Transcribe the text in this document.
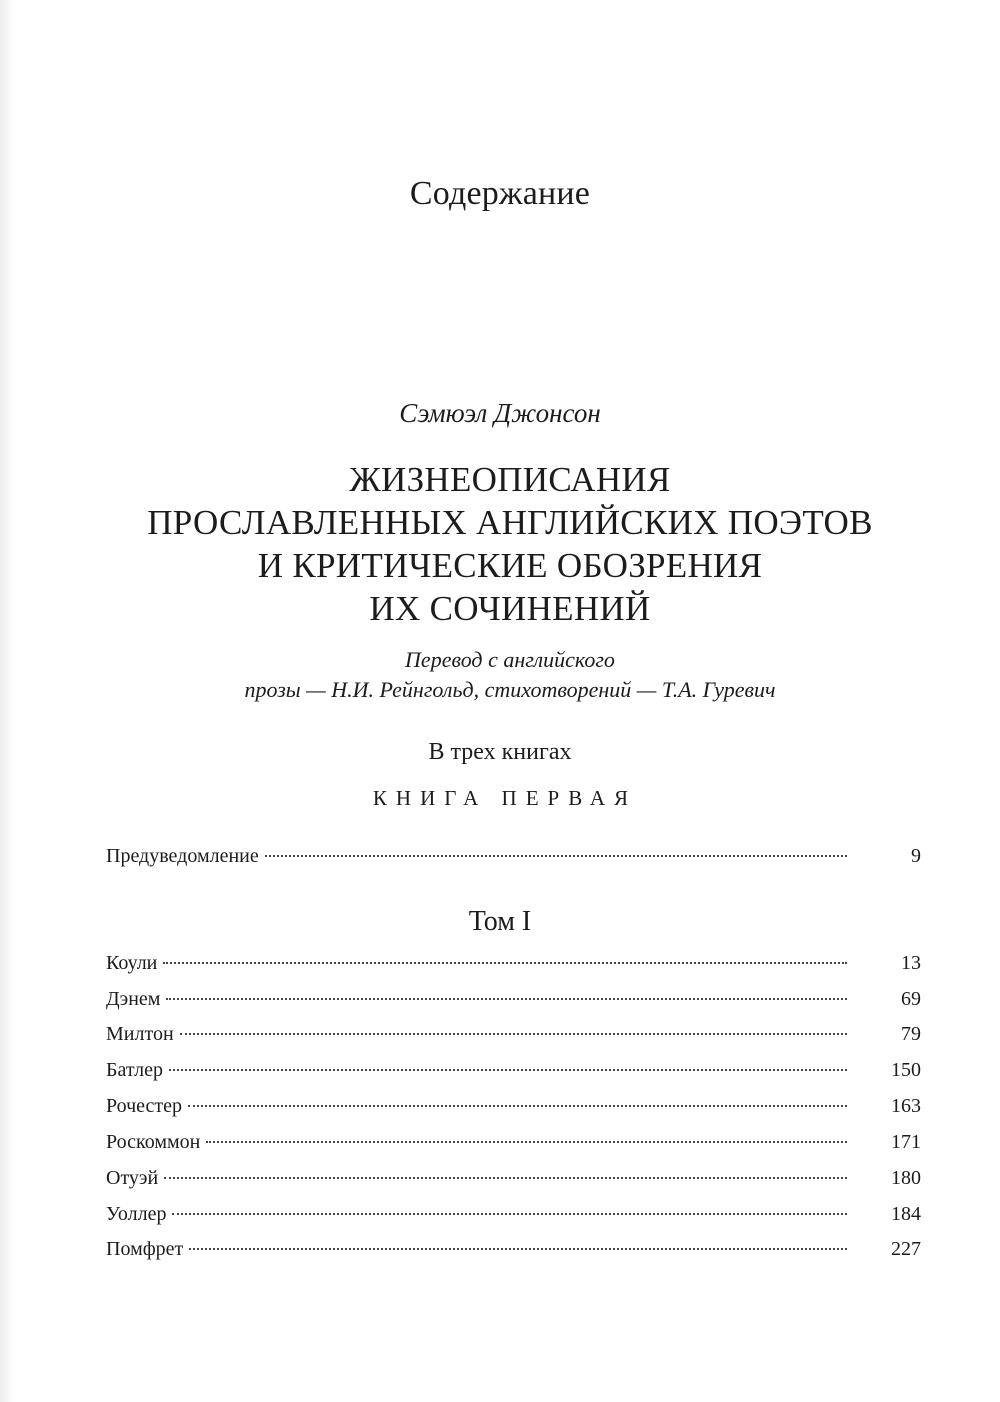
Содержание
Сэмюэл Джонсон
ЖИЗНЕОПИСАНИЯ
ПРОСЛАВЛЕННЫХ АНГЛИЙСКИХ ПОЭТОВ
И КРИТИЧЕСКИЕ ОБОЗРЕНИЯ
ИХ СОЧИНЕНИЙ
Перевод с английского
прозы — Н.И. Рейнгольд, стихотворений — Т.А. Гуревич
В трех книгах
КНИГА ПЕРВАЯ
Предуведомление	9
Том I
Коули	13
Дэнем	69
Милтон	79
Батлер	150
Рочестер	163
Роскоммон	171
Отуэй	180
Уоллер	184
Помфрет	227
